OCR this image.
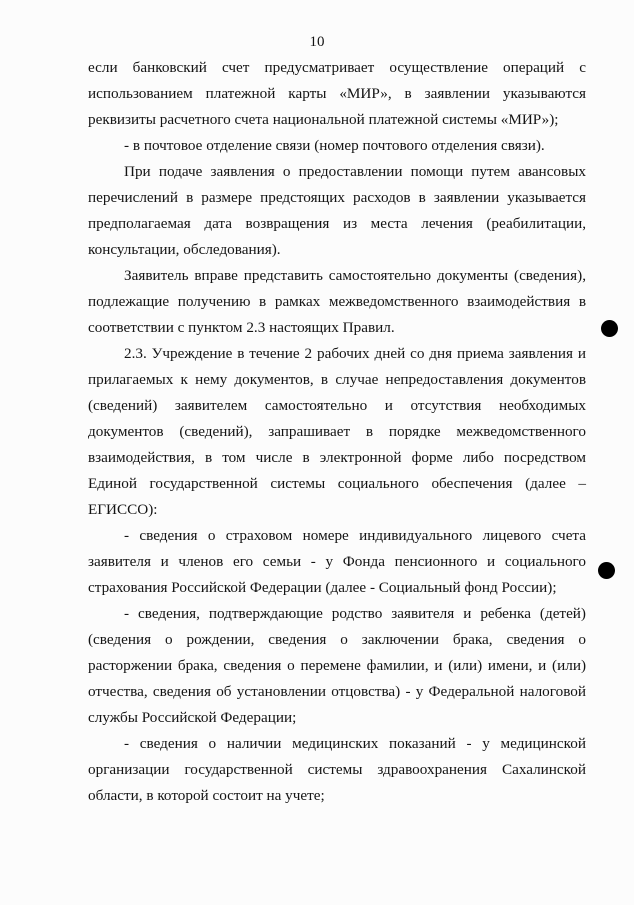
10

если банковский счет предусматривает осуществление операций с использованием платежной карты «МИР», в заявлении указываются реквизиты расчетного счета национальной платежной системы «МИР»);

- в почтовое отделение связи (номер почтового отделения связи).

При подаче заявления о предоставлении помощи путем авансовых перечислений в размере предстоящих расходов в заявлении указывается предполагаемая дата возвращения из места лечения (реабилитации, консультации, обследования).

Заявитель вправе представить самостоятельно документы (сведения), подлежащие получению в рамках межведомственного взаимодействия в соответствии с пунктом 2.3 настоящих Правил.

2.3. Учреждение в течение 2 рабочих дней со дня приема заявления и прилагаемых к нему документов, в случае непредоставления документов (сведений) заявителем самостоятельно и отсутствия необходимых документов (сведений), запрашивает в порядке межведомственного взаимодействия, в том числе в электронной форме либо посредством Единой государственной системы социального обеспечения (далее – ЕГИССО):

- сведения о страховом номере индивидуального лицевого счета заявителя и членов его семьи - у Фонда пенсионного и социального страхования Российской Федерации (далее - Социальный фонд России);

- сведения, подтверждающие родство заявителя и ребенка (детей) (сведения о рождении, сведения о заключении брака, сведения о расторжении брака, сведения о перемене фамилии, и (или) имени, и (или) отчества, сведения об установлении отцовства) - у Федеральной налоговой службы Российской Федерации;

- сведения о наличии медицинских показаний - у медицинской организации государственной системы здравоохранения Сахалинской области, в которой состоит на учете;
